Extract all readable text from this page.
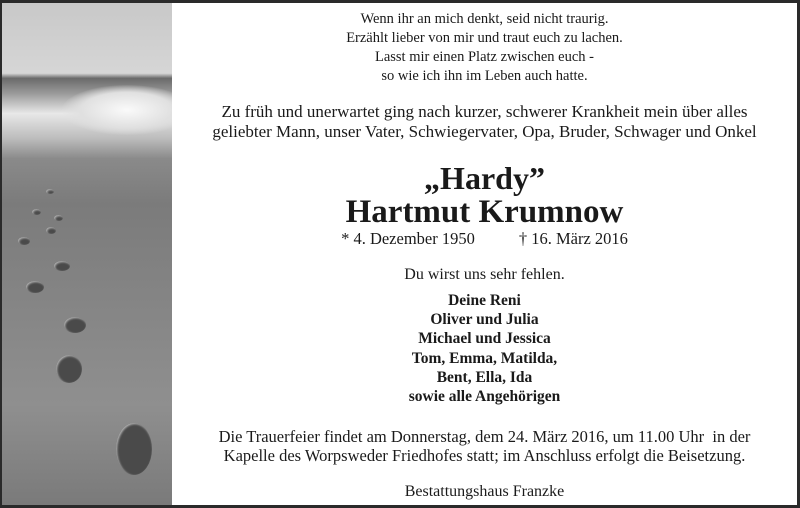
Wenn ihr an mich denkt, seid nicht traurig.
Erzählt lieber von mir und traut euch zu lachen.
Lasst mir einen Platz zwischen euch -
so wie ich ihn im Leben auch hatte.
Zu früh und unerwartet ging nach kurzer, schwerer Krankheit mein über alles
geliebter Mann, unser Vater, Schwiegervater, Opa, Bruder, Schwager und Onkel
„Hardy”
Hartmut Krumnow
* 4. Dezember 1950	† 16. März 2016
Du wirst uns sehr fehlen.
Deine Reni
Oliver und Julia
Michael und Jessica
Tom, Emma, Matilda,
Bent, Ella, Ida
sowie alle Angehörigen
Die Trauerfeier findet am Donnerstag, dem 24. März 2016, um 11.00 Uhr  in der
Kapelle des Worpsweder Friedhofes statt; im Anschluss erfolgt die Beisetzung.
Bestattungshaus Franzke
